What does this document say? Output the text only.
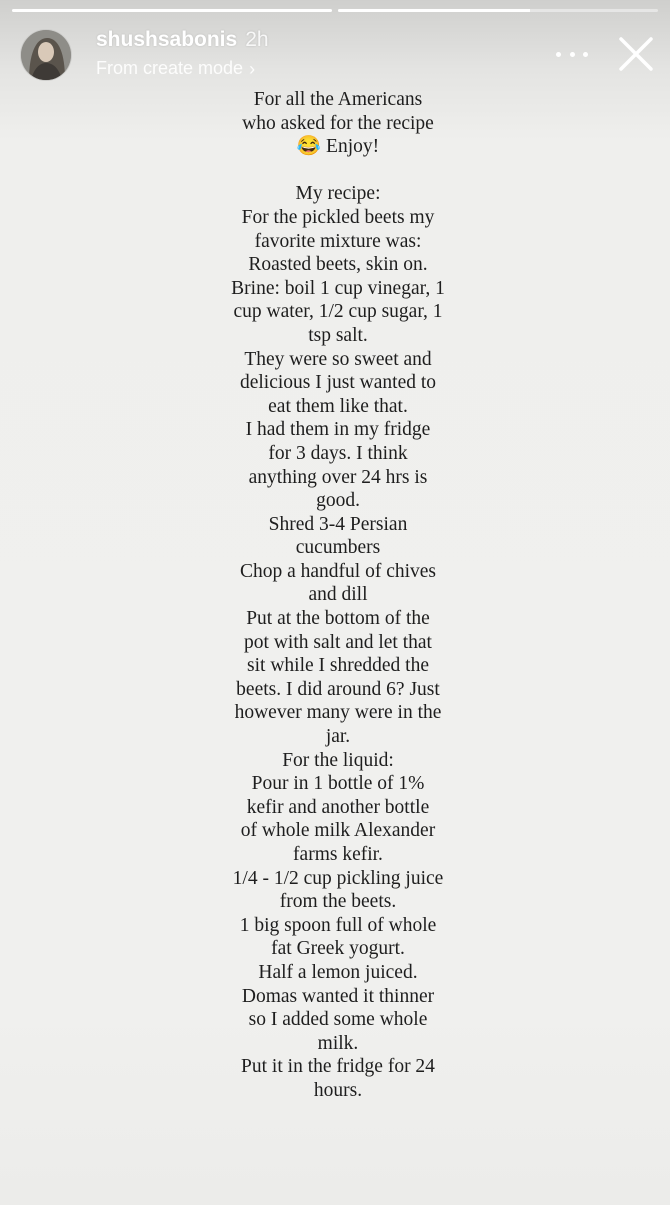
shushsabonis 2h
From create mode ›
For all the Americans
who asked for the recipe
😂 Enjoy!
My recipe:
For the pickled beets my
favorite mixture was:
Roasted beets, skin on.
Brine: boil 1 cup vinegar, 1
cup water, 1/2 cup sugar, 1
tsp salt.
They were so sweet and
delicious I just wanted to
eat them like that.
I had them in my fridge
for 3 days. I think
anything over 24 hrs is
good.
Shred 3-4 Persian
cucumbers
Chop a handful of chives
and dill
Put at the bottom of the
pot with salt and let that
sit while I shredded the
beets. I did around 6? Just
however many were in the
jar.
For the liquid:
Pour in 1 bottle of 1%
kefir and another bottle
of whole milk Alexander
farms kefir.
1/4 - 1/2 cup pickling juice
from the beets.
1 big spoon full of whole
fat Greek yogurt.
Half a lemon juiced.
Domas wanted it thinner
so I added some whole
milk.
Put it in the fridge for 24
hours.
